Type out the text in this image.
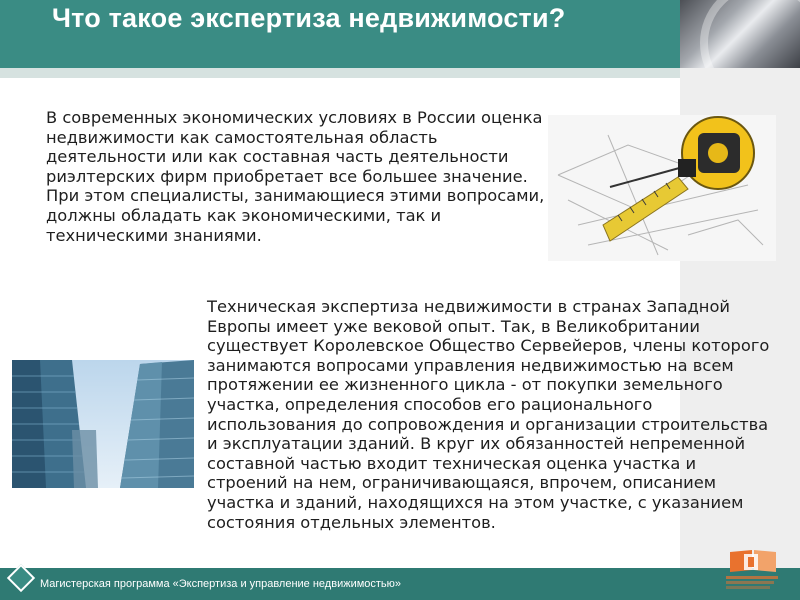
Что такое экспертиза недвижимости?

В современных экономических условиях в России оценка недвижимости как самостоятельная область деятельности или как составная часть деятельности риэлтерских фирм приобретает все большее значение. При этом специалисты, занимающиеся этими вопросами, должны обладать как экономическими, так и техническими знаниями.

Техническая экспертиза недвижимости в странах Западной Европы имеет уже вековой опыт. Так, в Великобритании существует Королевское Общество Сервейеров, члены которого занимаются вопросами управления недвижимостью на всем протяжении ее жизненного цикла - от покупки земельного участка, определения способов его рационального использования до сопровождения и организации строительства и эксплуатации зданий. В круг их обязанностей непременной составной частью входит техническая оценка участка и строений на нем, ограничивающаяся, впрочем, описанием участка и зданий, находящихся на этом участке, с указанием состояния отдельных элементов.

Магистерская программа «Экспертиза и управление недвижимостью»
